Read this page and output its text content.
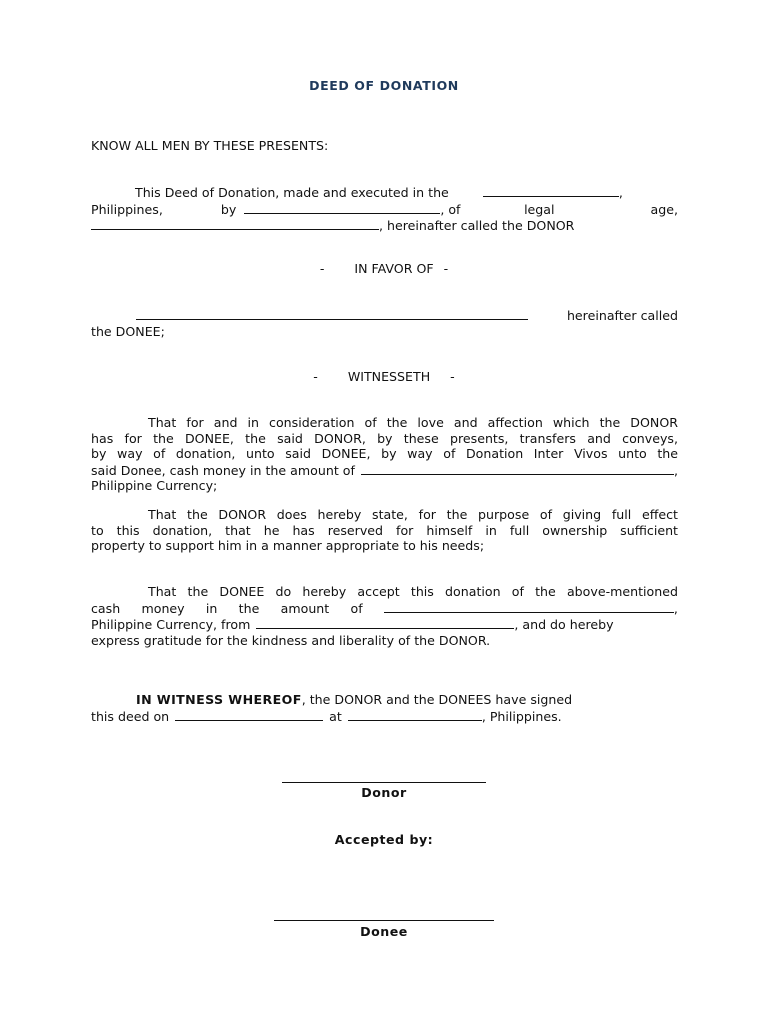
DEED OF DONATION
KNOW ALL MEN BY THESE PRESENTS:
This Deed of Donation, made and executed in the	,
Philippines,	by	, of	legal	age,
, hereinafter called the DONOR
- IN FAVOR OF -
hereinafter called
the DONEE;
- WITNESSETH -
That for and in consideration of the love and affection which the DONOR
has for the DONEE, the said DONOR, by these presents, transfers and conveys,
by way of donation, unto said DONEE, by way of Donation Inter Vivos unto the
said Donee, cash money in the amount of	,
Philippine Currency;
That the DONOR does hereby state, for the purpose of giving full effect
to this donation, that he has reserved for himself in full ownership sufficient
property to support him in a manner appropriate to his needs;
That the DONEE do hereby accept this donation of the above-mentioned
cash money in the amount of	,
Philippine Currency, from	, and do hereby
express gratitude for the kindness and liberality of the DONOR.
IN WITNESS WHEREOF , the DONOR and the DONEES have signed
this deed on	at	, Philippines.
Donor
Accepted by:
Donee
